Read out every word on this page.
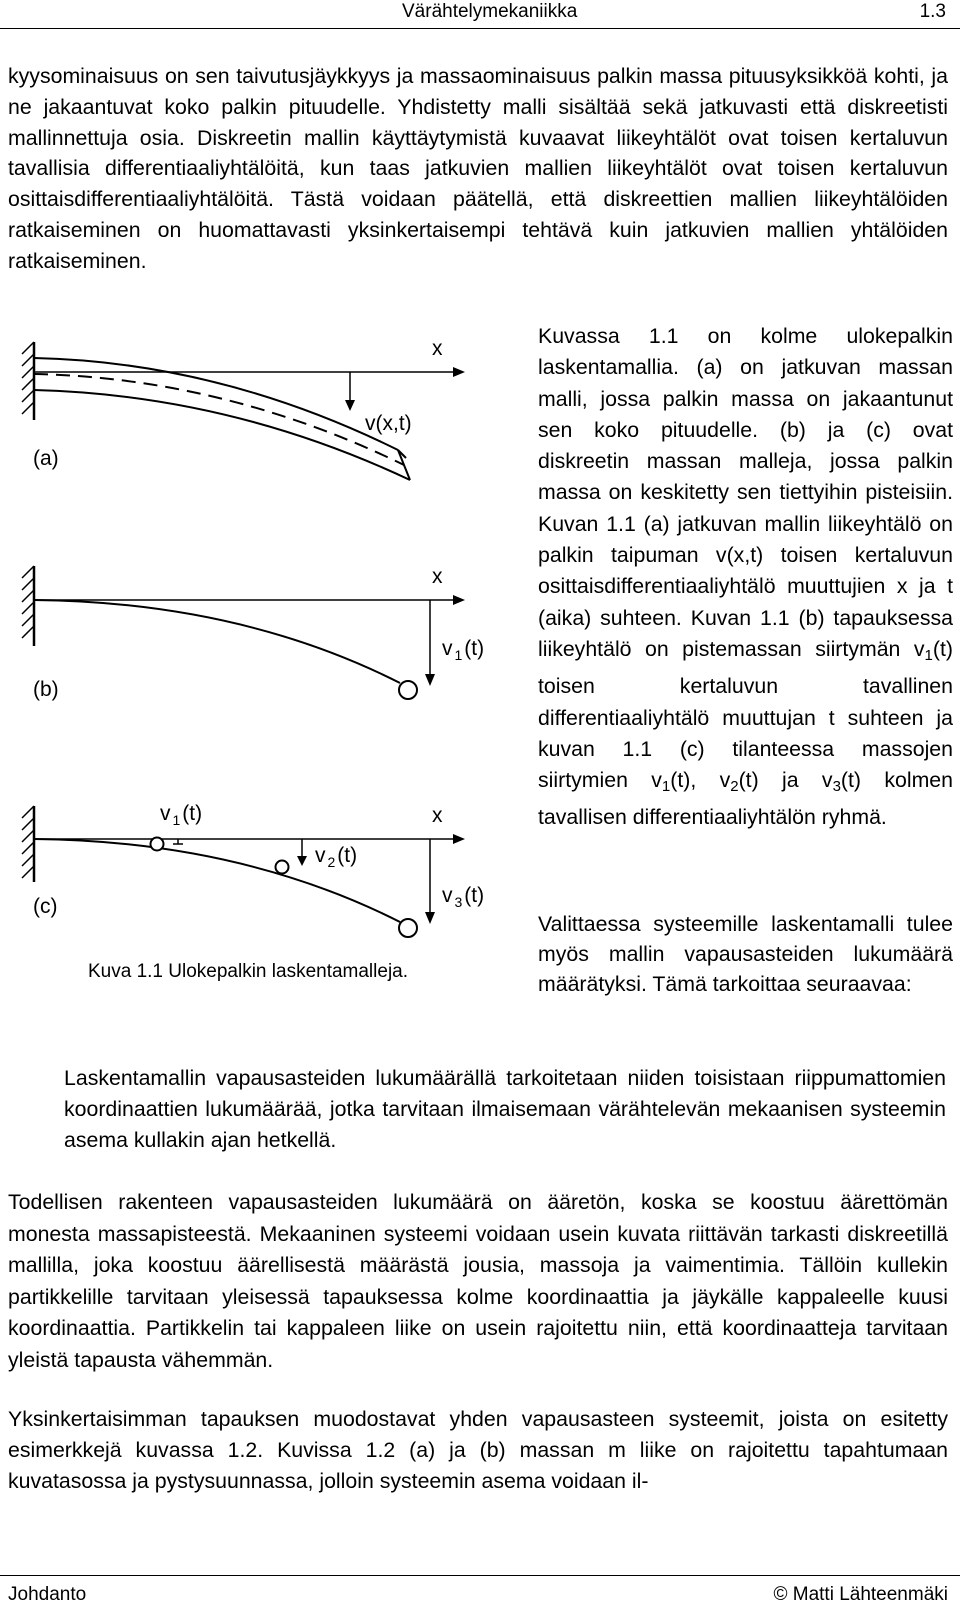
Värähtelymekaniikka	1.3

kyysominaisuus on sen taivutusjäykkyys ja massaominaisuus palkin massa pituusyksikköä kohti, ja ne jakaantuvat koko palkin pituudelle. Yhdistetty malli sisältää sekä jatkuvasti että diskreetisti mallinnettuja osia. Diskreetin mallin käyttäytymistä kuvaavat liikeyhtälöt ovat toisen kertaluvun tavallisia differentiaaliyhtälöitä, kun taas jatkuvien mallien liikeyhtälöt ovat toisen kertaluvun osittaisdifferentiaaliyhtälöitä. Tästä voidaan päätellä, että diskreettien mallien liikeyhtälöiden ratkaiseminen on huomattavasti yksinkertaisempi tehtävä kuin jatkuvien mallien yhtälöiden ratkaiseminen.

x
v(x,t)
(a)
x
v $_1$(t)
(b)
x
v $_1$(t)
v $_2$(t)
v $_3$(t)
(c)
Kuva 1.1 Ulokepalkin laskentamalleja.

Kuvassa 1.1 on kolme ulokepalkin laskentamallia. (a) on jatkuvan massan malli, jossa palkin massa on jakaantunut sen koko pituudelle. (b) ja (c) ovat diskreetin massan malleja, jossa palkin massa on keskitetty sen tiettyihin pisteisiin. Kuvan 1.1 (a) jatkuvan mallin liikeyhtälö on palkin taipuman v(x,t) toisen kertaluvun osittaisdifferentiaaliyhtälö muuttujien x ja t (aika) suhteen. Kuvan 1.1 (b) tapauksessa liikeyhtälö on pistemassan siirtymän $v_1(t)$ toisen kertaluvun tavallinen differentiaaliyhtälö muuttujan t suhteen ja kuvan 1.1 (c) tilanteessa massojen siirtymien $v_1(t)$, $v_2(t)$ ja $v_3(t)$ kolmen tavallisen differentiaaliyhtälön ryhmä.

Valittaessa systeemille laskentamalli tulee myös mallin vapausasteiden lukumäärä määrätyksi. Tämä tarkoittaa seuraavaa:

Laskentamallin vapausasteiden lukumäärällä tarkoitetaan niiden toisistaan riippumattomien koordinaattien lukumäärää, jotka tarvitaan ilmaisemaan värähtelevän mekaanisen systeemin asema kullakin ajan hetkellä.

Todellisen rakenteen vapausasteiden lukumäärä on ääretön, koska se koostuu äärettömän monesta massapisteestä. Mekaaninen systeemi voidaan usein kuvata riittävän tarkasti diskreetillä mallilla, joka koostuu äärellisestä määrästä jousia, massoja ja vaimentimia. Tällöin kullekin partikkelille tarvitaan yleisessä tapauksessa kolme koordinaattia ja jäykälle kappaleelle kuusi koordinaattia. Partikkelin tai kappaleen liike on usein rajoitettu niin, että koordinaatteja tarvitaan yleistä tapausta vähemmän.

Yksinkertaisimman tapauksen muodostavat yhden vapausasteen systeemit, joista on esitetty esimerkkejä kuvassa 1.2. Kuvissa 1.2 (a) ja (b) massan m liike on rajoitettu tapahtumaan kuvatasossa ja pystysuunnassa, jolloin systeemin asema voidaan il-

Johdanto	© Matti Lähteenmäki
